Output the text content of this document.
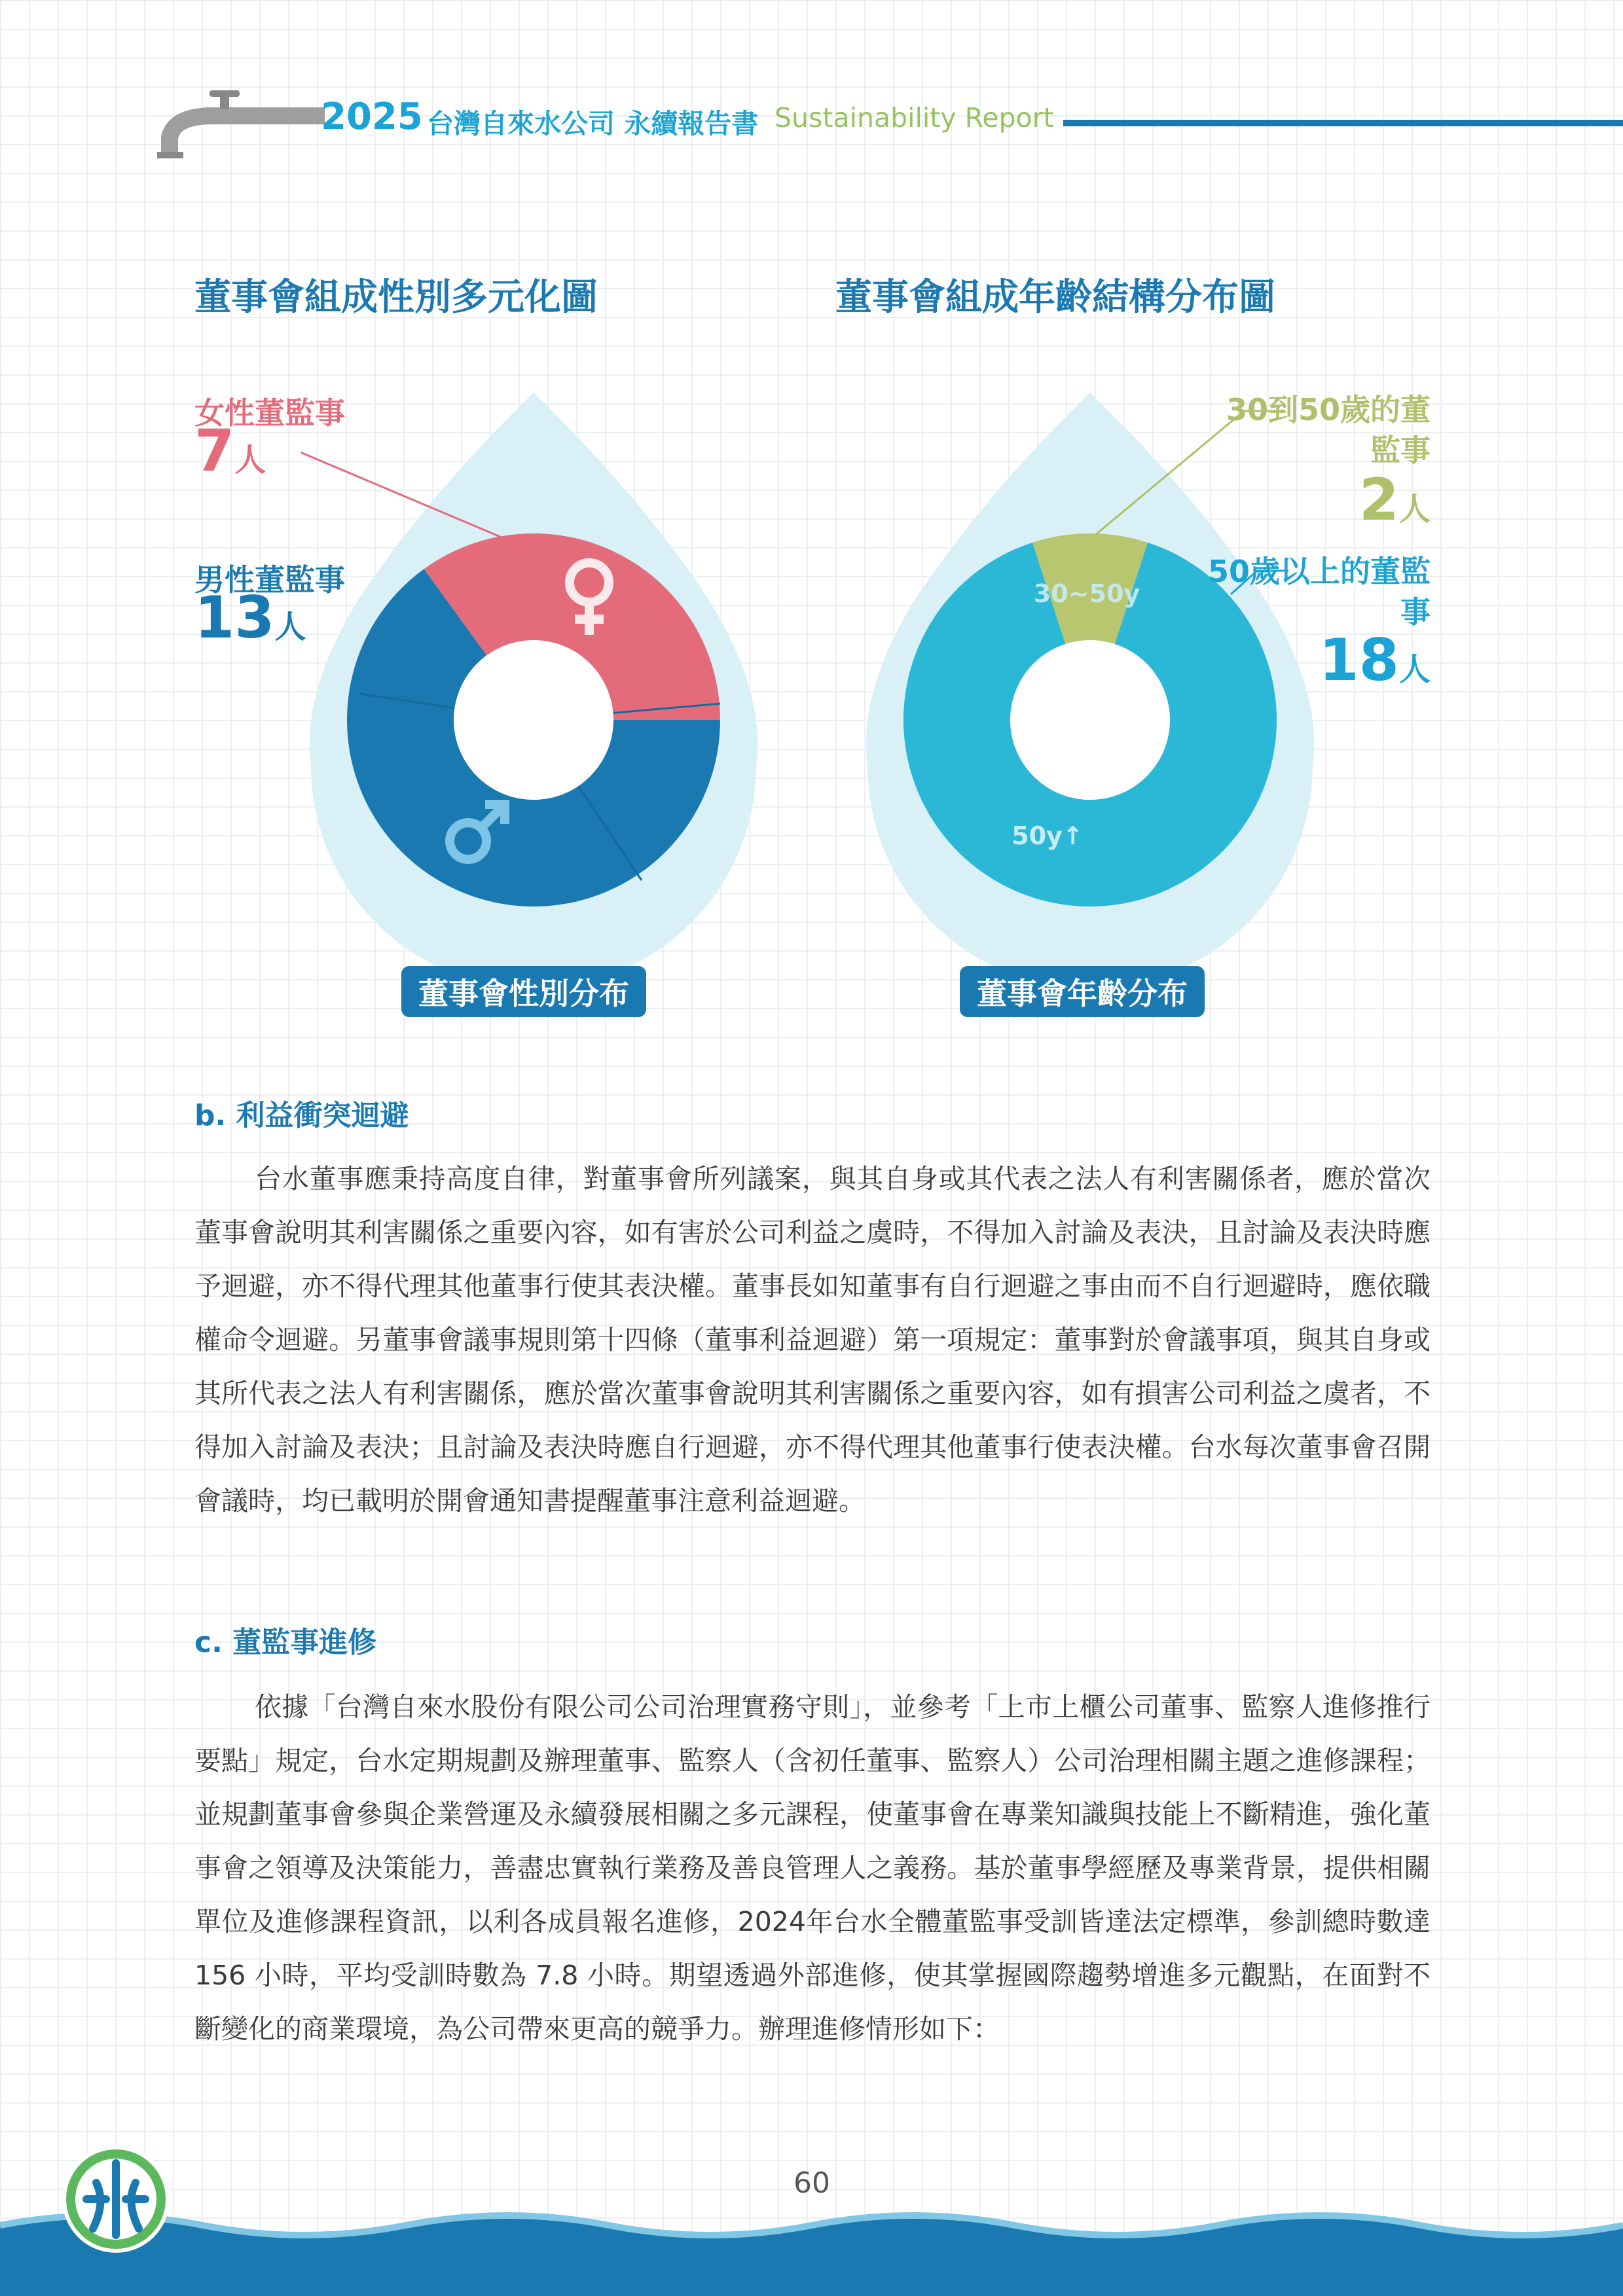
2025 台灣自來水公司 永續報告書 Sustainability Report
董事會組成性別多元化圖	董事會組成年齡結構分布圖
30~50y
50y↑
女性董監事
7人
男性董監事
13人
30到50歲的董監事
2人
50歲以上的董監事
18人
董事會性別分布	董事會年齡分布
b. 利益衝突迴避
台水董事應秉持高度自律，對董事會所列議案，與其自身或其代表之法人有利害關係者，應於當次董事會說明其利害關係之重要內容，如有害於公司利益之虞時，不得加入討論及表決，且討論及表決時應予迴避，亦不得代理其他董事行使其表決權。董事長如知董事有自行迴避之事由而不自行迴避時，應依職權命令迴避。另董事會議事規則第十四條（董事利益迴避）第一項規定：董事對於會議事項，與其自身或其所代表之法人有利害關係，應於當次董事會說明其利害關係之重要內容，如有損害公司利益之虞者，不得加入討論及表決；且討論及表決時應自行迴避，亦不得代理其他董事行使表決權。台水每次董事會召開會議時，均已載明於開會通知書提醒董事注意利益迴避。
c. 董監事進修
依據「台灣自來水股份有限公司公司治理實務守則」，並參考「上市上櫃公司董事、監察人進修推行要點」規定，台水定期規劃及辦理董事、監察人（含初任董事、監察人）公司治理相關主題之進修課程；並規劃董事會參與企業營運及永續發展相關之多元課程，使董事會在專業知識與技能上不斷精進，強化董事會之領導及決策能力，善盡忠實執行業務及善良管理人之義務。基於董事學經歷及專業背景，提供相關單位及進修課程資訊，以利各成員報名進修，2024年台水全體董監事受訓皆達法定標準，參訓總時數達 156 小時，平均受訓時數為 7.8 小時。期望透過外部進修，使其掌握國際趨勢增進多元觀點，在面對不斷變化的商業環境，為公司帶來更高的競爭力。辦理進修情形如下：
60
